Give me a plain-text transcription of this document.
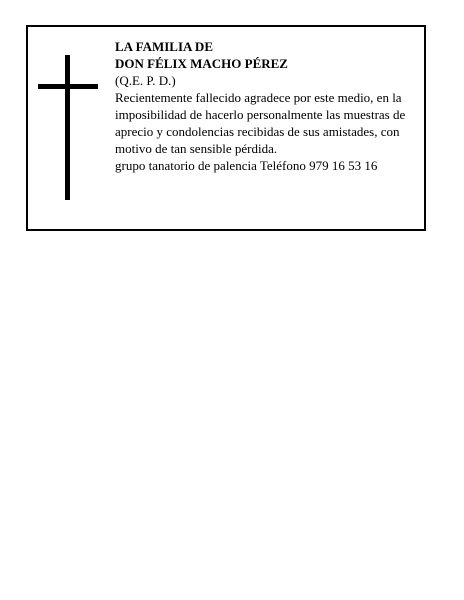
LA FAMILIA DE
DON FÉLIX MACHO PÉREZ
(Q.E. P. D.)
Recientemente fallecido agradece por este medio, en la imposibilidad de hacerlo personalmente las muestras de aprecio y condolencias recibidas de sus amistades, con motivo de tan sensible pérdida.
grupo tanatorio de palencia Teléfono 979 16 53 16
